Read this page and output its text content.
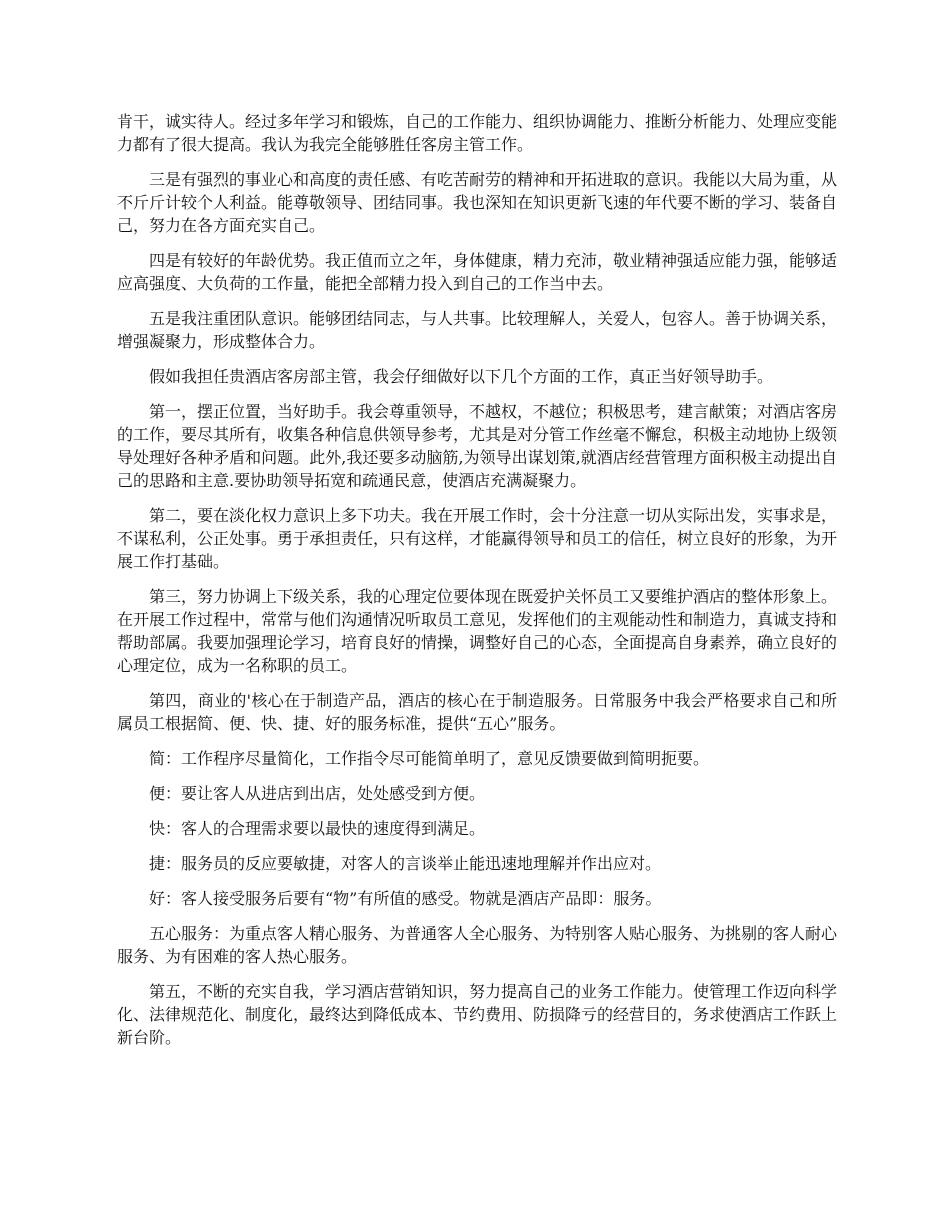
肯干，诚实待人。经过多年学习和锻炼，自己的工作能力、组织协调能力、推断分析能力、处理应变能力都有了很大提高。我认为我完全能够胜任客房主管工作。

三是有强烈的事业心和高度的责任感、有吃苦耐劳的精神和开拓进取的意识。我能以大局为重，从不斤斤计较个人利益。能尊敬领导、团结同事。我也深知在知识更新飞速的年代要不断的学习、装备自己，努力在各方面充实自己。

四是有较好的年龄优势。我正值而立之年，身体健康，精力充沛，敬业精神强适应能力强，能够适应高强度、大负荷的工作量，能把全部精力投入到自己的工作当中去。

五是我注重团队意识。能够团结同志，与人共事。比较理解人，关爱人，包容人。善于协调关系，增强凝聚力，形成整体合力。

假如我担任贵酒店客房部主管，我会仔细做好以下几个方面的工作，真正当好领导助手。

第一，摆正位置，当好助手。我会尊重领导，不越权，不越位；积极思考，建言献策；对酒店客房的工作，要尽其所有，收集各种信息供领导参考，尤其是对分管工作丝毫不懈怠，积极主动地协上级领导处理好各种矛盾和问题。此外,我还要多动脑筋,为领导出谋划策,就酒店经营管理方面积极主动提出自己的思路和主意.要协助领导拓宽和疏通民意，使酒店充满凝聚力。

第二，要在淡化权力意识上多下功夫。我在开展工作时，会十分注意一切从实际出发，实事求是，不谋私利，公正处事。勇于承担责任，只有这样，才能赢得领导和员工的信任，树立良好的形象，为开展工作打基础。

第三，努力协调上下级关系，我的心理定位要体现在既爱护关怀员工又要维护酒店的整体形象上。在开展工作过程中，常常与他们沟通情况听取员工意见，发挥他们的主观能动性和制造力，真诚支持和帮助部属。我要加强理论学习，培育良好的情操，调整好自己的心态，全面提高自身素养，确立良好的心理定位，成为一名称职的员工。

第四，商业的'核心在于制造产品，酒店的核心在于制造服务。日常服务中我会严格要求自己和所属员工根据简、便、快、捷、好的服务标准，提供“五心”服务。

简：工作程序尽量简化，工作指令尽可能简单明了，意见反馈要做到简明扼要。

便：要让客人从进店到出店，处处感受到方便。

快：客人的合理需求要以最快的速度得到满足。

捷：服务员的反应要敏捷，对客人的言谈举止能迅速地理解并作出应对。

好：客人接受服务后要有“物”有所值的感受。物就是酒店产品即：服务。

五心服务：为重点客人精心服务、为普通客人全心服务、为特别客人贴心服务、为挑剔的客人耐心服务、为有困难的客人热心服务。

第五，不断的充实自我，学习酒店营销知识，努力提高自己的业务工作能力。使管理工作迈向科学化、法律规范化、制度化，最终达到降低成本、节约费用、防损降亏的经营目的，务求使酒店工作跃上新台阶。
